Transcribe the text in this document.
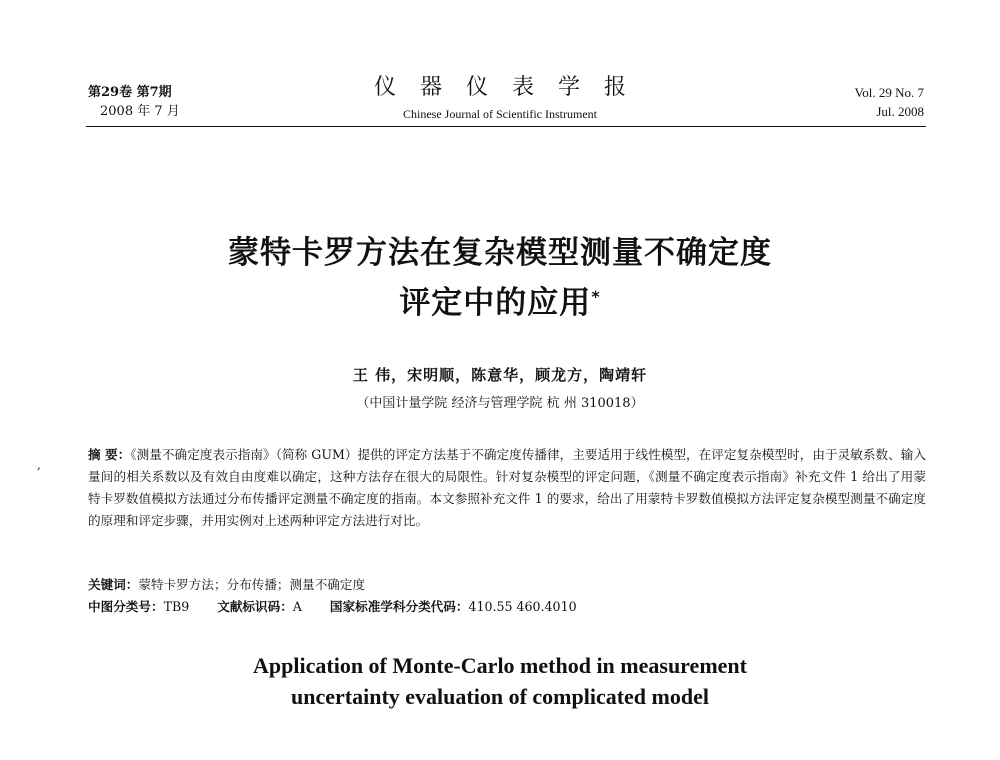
第29卷 第7期
2008 年 7 月
仪器仪表学报
Chinese Journal of Scientific Instrument
Vol. 29 No. 7
Jul. 2008
蒙特卡罗方法在复杂模型测量不确定度
评定中的应用*
王 伟，宋明顺，陈意华，顾龙方，陶靖轩
（中国计量学院 经济与管理学院 杭 州 310018）
,
摘 要：《测量不确定度表示指南》（简称 GUM）提供的评定方法基于不确定度传播律，主要适用于线性模型，在评定复杂模型时，由于灵敏系数、输入量间的相关系数以及有效自由度难以确定，这种方法存在很大的局限性。针对复杂模型的评定问题，《测量不确定度表示指南》补充文件 1 给出了用蒙特卡罗数值模拟方法通过分布传播评定测量不确定度的指南。本文参照补充文件 1 的要求，给出了用蒙特卡罗数值模拟方法评定复杂模型测量不确定度的原理和评定步骤，并用实例对上述两种评定方法进行对比。
关键词：蒙特卡罗方法；分布传播；测量不确定度
中图分类号：TB9 文献标识码：A 国家标准学科分类代码：410.55 460.4010
Application of Monte-Carlo method in measurement
uncertainty evaluation of complicated model
